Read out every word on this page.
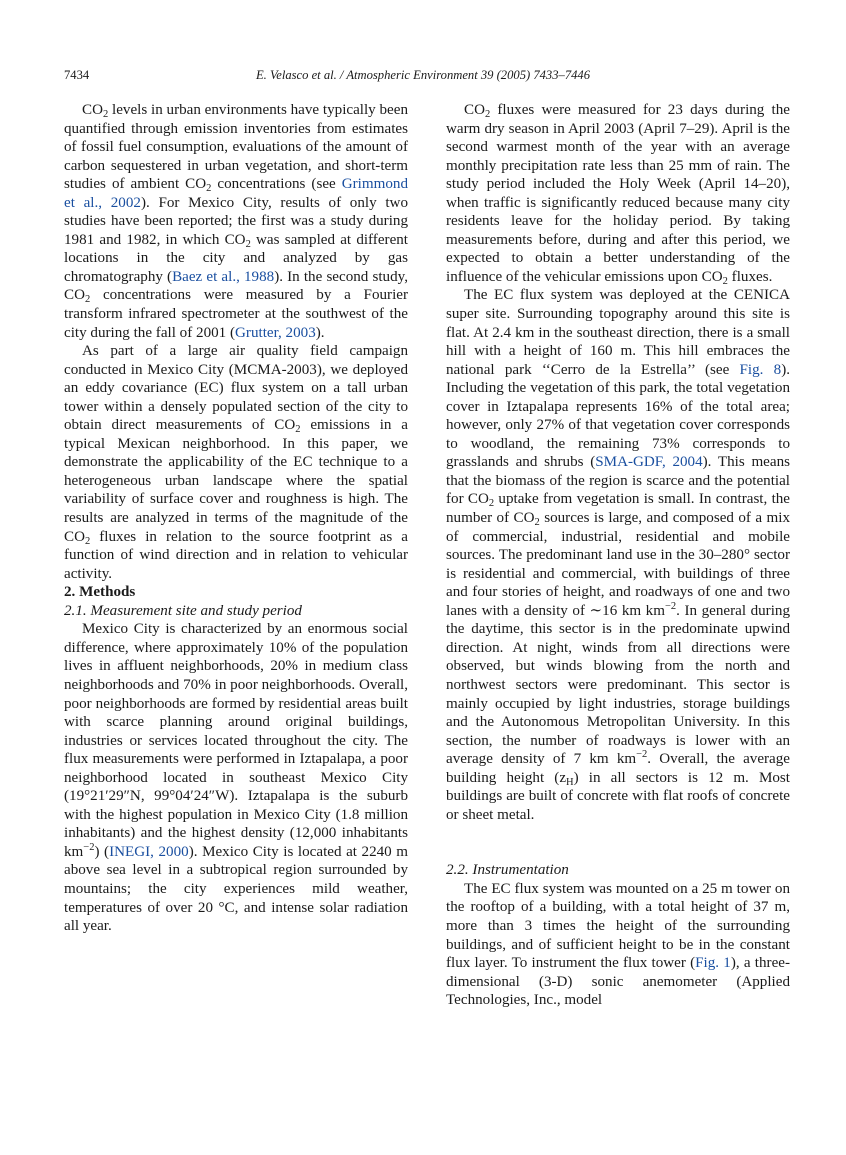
7434	E. Velasco et al. / Atmospheric Environment 39 (2005) 7433–7446

$CO_2$ levels in urban environments have typically been quantified through emission inventories from estimates of fossil fuel consumption, evaluations of the amount of carbon sequestered in urban vegetation, and short-term studies of ambient $CO_2$ concentrations (see Grimmond et al., 2002). For Mexico City, results of only two studies have been reported; the first was a study during 1981 and 1982, in which $CO_2$ was sampled at different locations in the city and analyzed by gas chromatography (Baez et al., 1988). In the second study, $CO_2$ concentrations were measured by a Fourier transform infrared spectrometer at the southwest of the city during the fall of 2001 (Grutter, 2003).

As part of a large air quality field campaign conducted in Mexico City (MCMA-2003), we deployed an eddy covariance (EC) flux system on a tall urban tower within a densely populated section of the city to obtain direct measurements of $CO_2$ emissions in a typical Mexican neighborhood. In this paper, we demonstrate the applicability of the EC technique to a heterogeneous urban landscape where the spatial variability of surface cover and roughness is high. The results are analyzed in terms of the magnitude of the $CO_2$ fluxes in relation to the source footprint as a function of wind direction and in relation to vehicular activity.

2. Methods

2.1. Measurement site and study period

Mexico City is characterized by an enormous social difference, where approximately 10% of the population lives in affluent neighborhoods, 20% in medium class neighborhoods and 70% in poor neighborhoods. Overall, poor neighborhoods are formed by residential areas built with scarce planning around original buildings, industries or services located throughout the city. The flux measurements were performed in Iztapalapa, a poor neighborhood located in southeast Mexico City (19°21′29″N, 99°04′24″W). Iztapalapa is the suburb with the highest population in Mexico City (1.8 million inhabitants) and the highest density (12,000 inhabitants $km^{-2}$) (INEGI, 2000). Mexico City is located at 2240 m above sea level in a subtropical region surrounded by mountains; the city experiences mild weather, temperatures of over 20 °C, and intense solar radiation all year.

$CO_2$ fluxes were measured for 23 days during the warm dry season in April 2003 (April 7–29). April is the second warmest month of the year with an average monthly precipitation rate less than 25 mm of rain. The study period included the Holy Week (April 14–20), when traffic is significantly reduced because many city residents leave for the holiday period. By taking measurements before, during and after this period, we expected to obtain a better understanding of the influence of the vehicular emissions upon $CO_2$ fluxes.

The EC flux system was deployed at the CENICA super site. Surrounding topography around this site is flat. At 2.4 km in the southeast direction, there is a small hill with a height of 160 m. This hill embraces the national park ‘‘Cerro de la Estrella’’ (see Fig. 8). Including the vegetation of this park, the total vegetation cover in Iztapalapa represents 16% of the total area; however, only 27% of that vegetation cover corresponds to woodland, the remaining 73% corresponds to grasslands and shrubs (SMA-GDF, 2004). This means that the biomass of the region is scarce and the potential for $CO_2$ uptake from vegetation is small. In contrast, the number of $CO_2$ sources is large, and composed of a mix of commercial, industrial, residential and mobile sources. The predominant land use in the 30–280° sector is residential and commercial, with buildings of three and four stories of height, and roadways of one and two lanes with a density of ∼16 km $km^{-2}$. In general during the daytime, this sector is in the predominate upwind direction. At night, winds from all directions were observed, but winds blowing from the north and northwest sectors were predominant. This sector is mainly occupied by light industries, storage buildings and the Autonomous Metropolitan University. In this section, the number of roadways is lower with an average density of 7 km $km^{-2}$. Overall, the average building height $(z_H)$ in all sectors is 12 m. Most buildings are built of concrete with flat roofs of concrete or sheet metal.

2.2. Instrumentation

The EC flux system was mounted on a 25 m tower on the rooftop of a building, with a total height of 37 m, more than 3 times the height of the surrounding buildings, and of sufficient height to be in the constant flux layer. To instrument the flux tower (Fig. 1), a three-dimensional (3-D) sonic anemometer (Applied Technologies, Inc., model
